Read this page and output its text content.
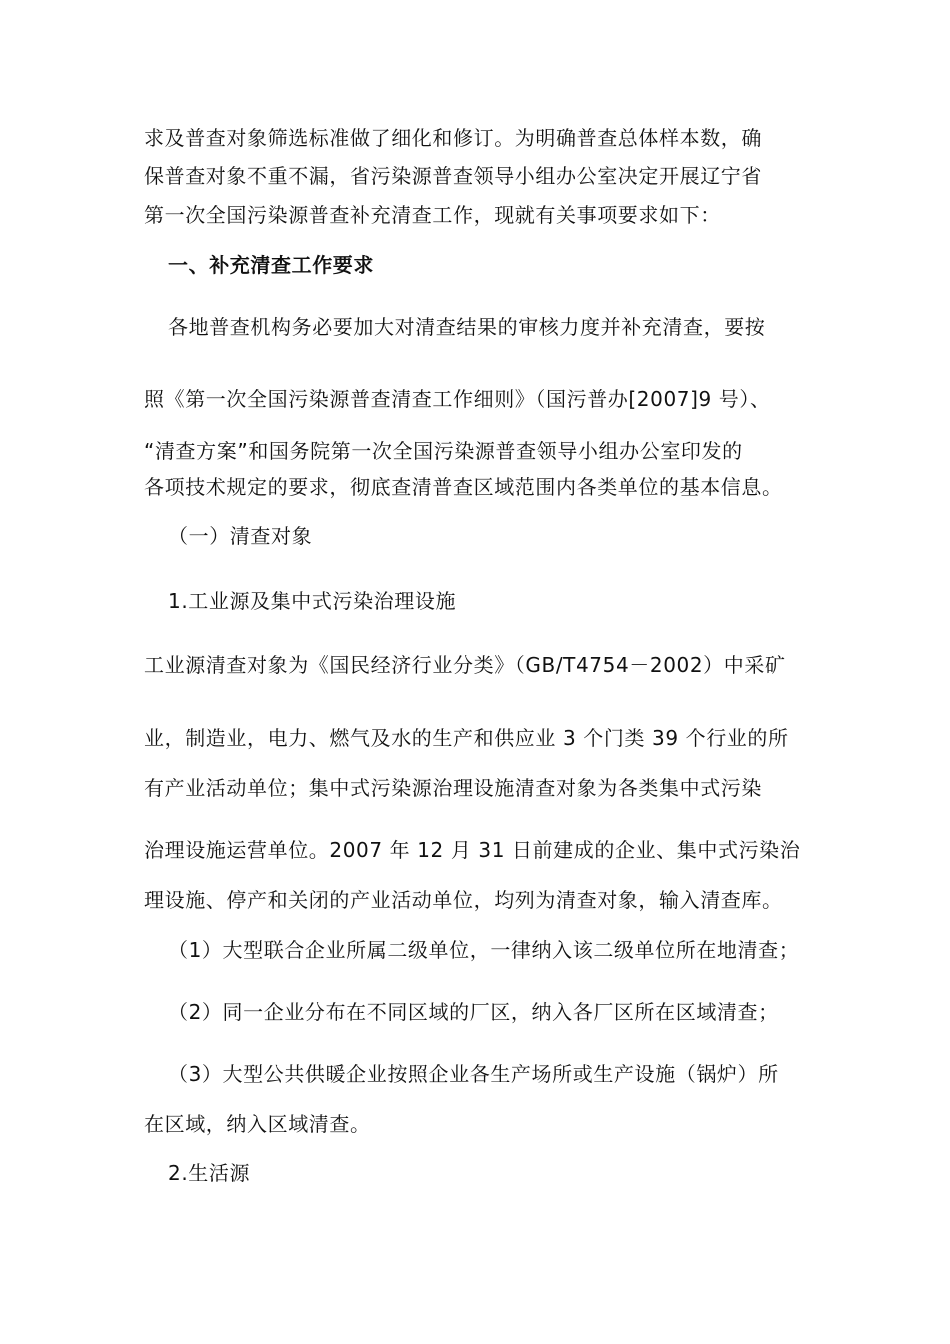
求及普查对象筛选标准做了细化和修订。为明确普查总体样本数，确

保普查对象不重不漏，省污染源普查领导小组办公室决定开展辽宁省

第一次全国污染源普查补充清查工作，现就有关事项要求如下：

一、补充清查工作要求

各地普查机构务必要加大对清查结果的审核力度并补充清查，要按

照《第一次全国污染源普查清查工作细则》（国污普办[2007]9 号）、

“清查方案”和国务院第一次全国污染源普查领导小组办公室印发的

各项技术规定的要求，彻底查清普查区域范围内各类单位的基本信息。

（一）清查对象

1.工业源及集中式污染治理设施

工业源清查对象为《国民经济行业分类》（GB/T4754－2002）中采矿

业，制造业，电力、燃气及水的生产和供应业 3 个门类 39 个行业的所

有产业活动单位；集中式污染源治理设施清查对象为各类集中式污染

治理设施运营单位。2007 年 12 月 31 日前建成的企业、集中式污染治

理设施、停产和关闭的产业活动单位，均列为清查对象，输入清查库。

（1）大型联合企业所属二级单位，一律纳入该二级单位所在地清查；

（2）同一企业分布在不同区域的厂区，纳入各厂区所在区域清查；

（3）大型公共供暖企业按照企业各生产场所或生产设施（锅炉）所

在区域，纳入区域清查。

2.生活源
